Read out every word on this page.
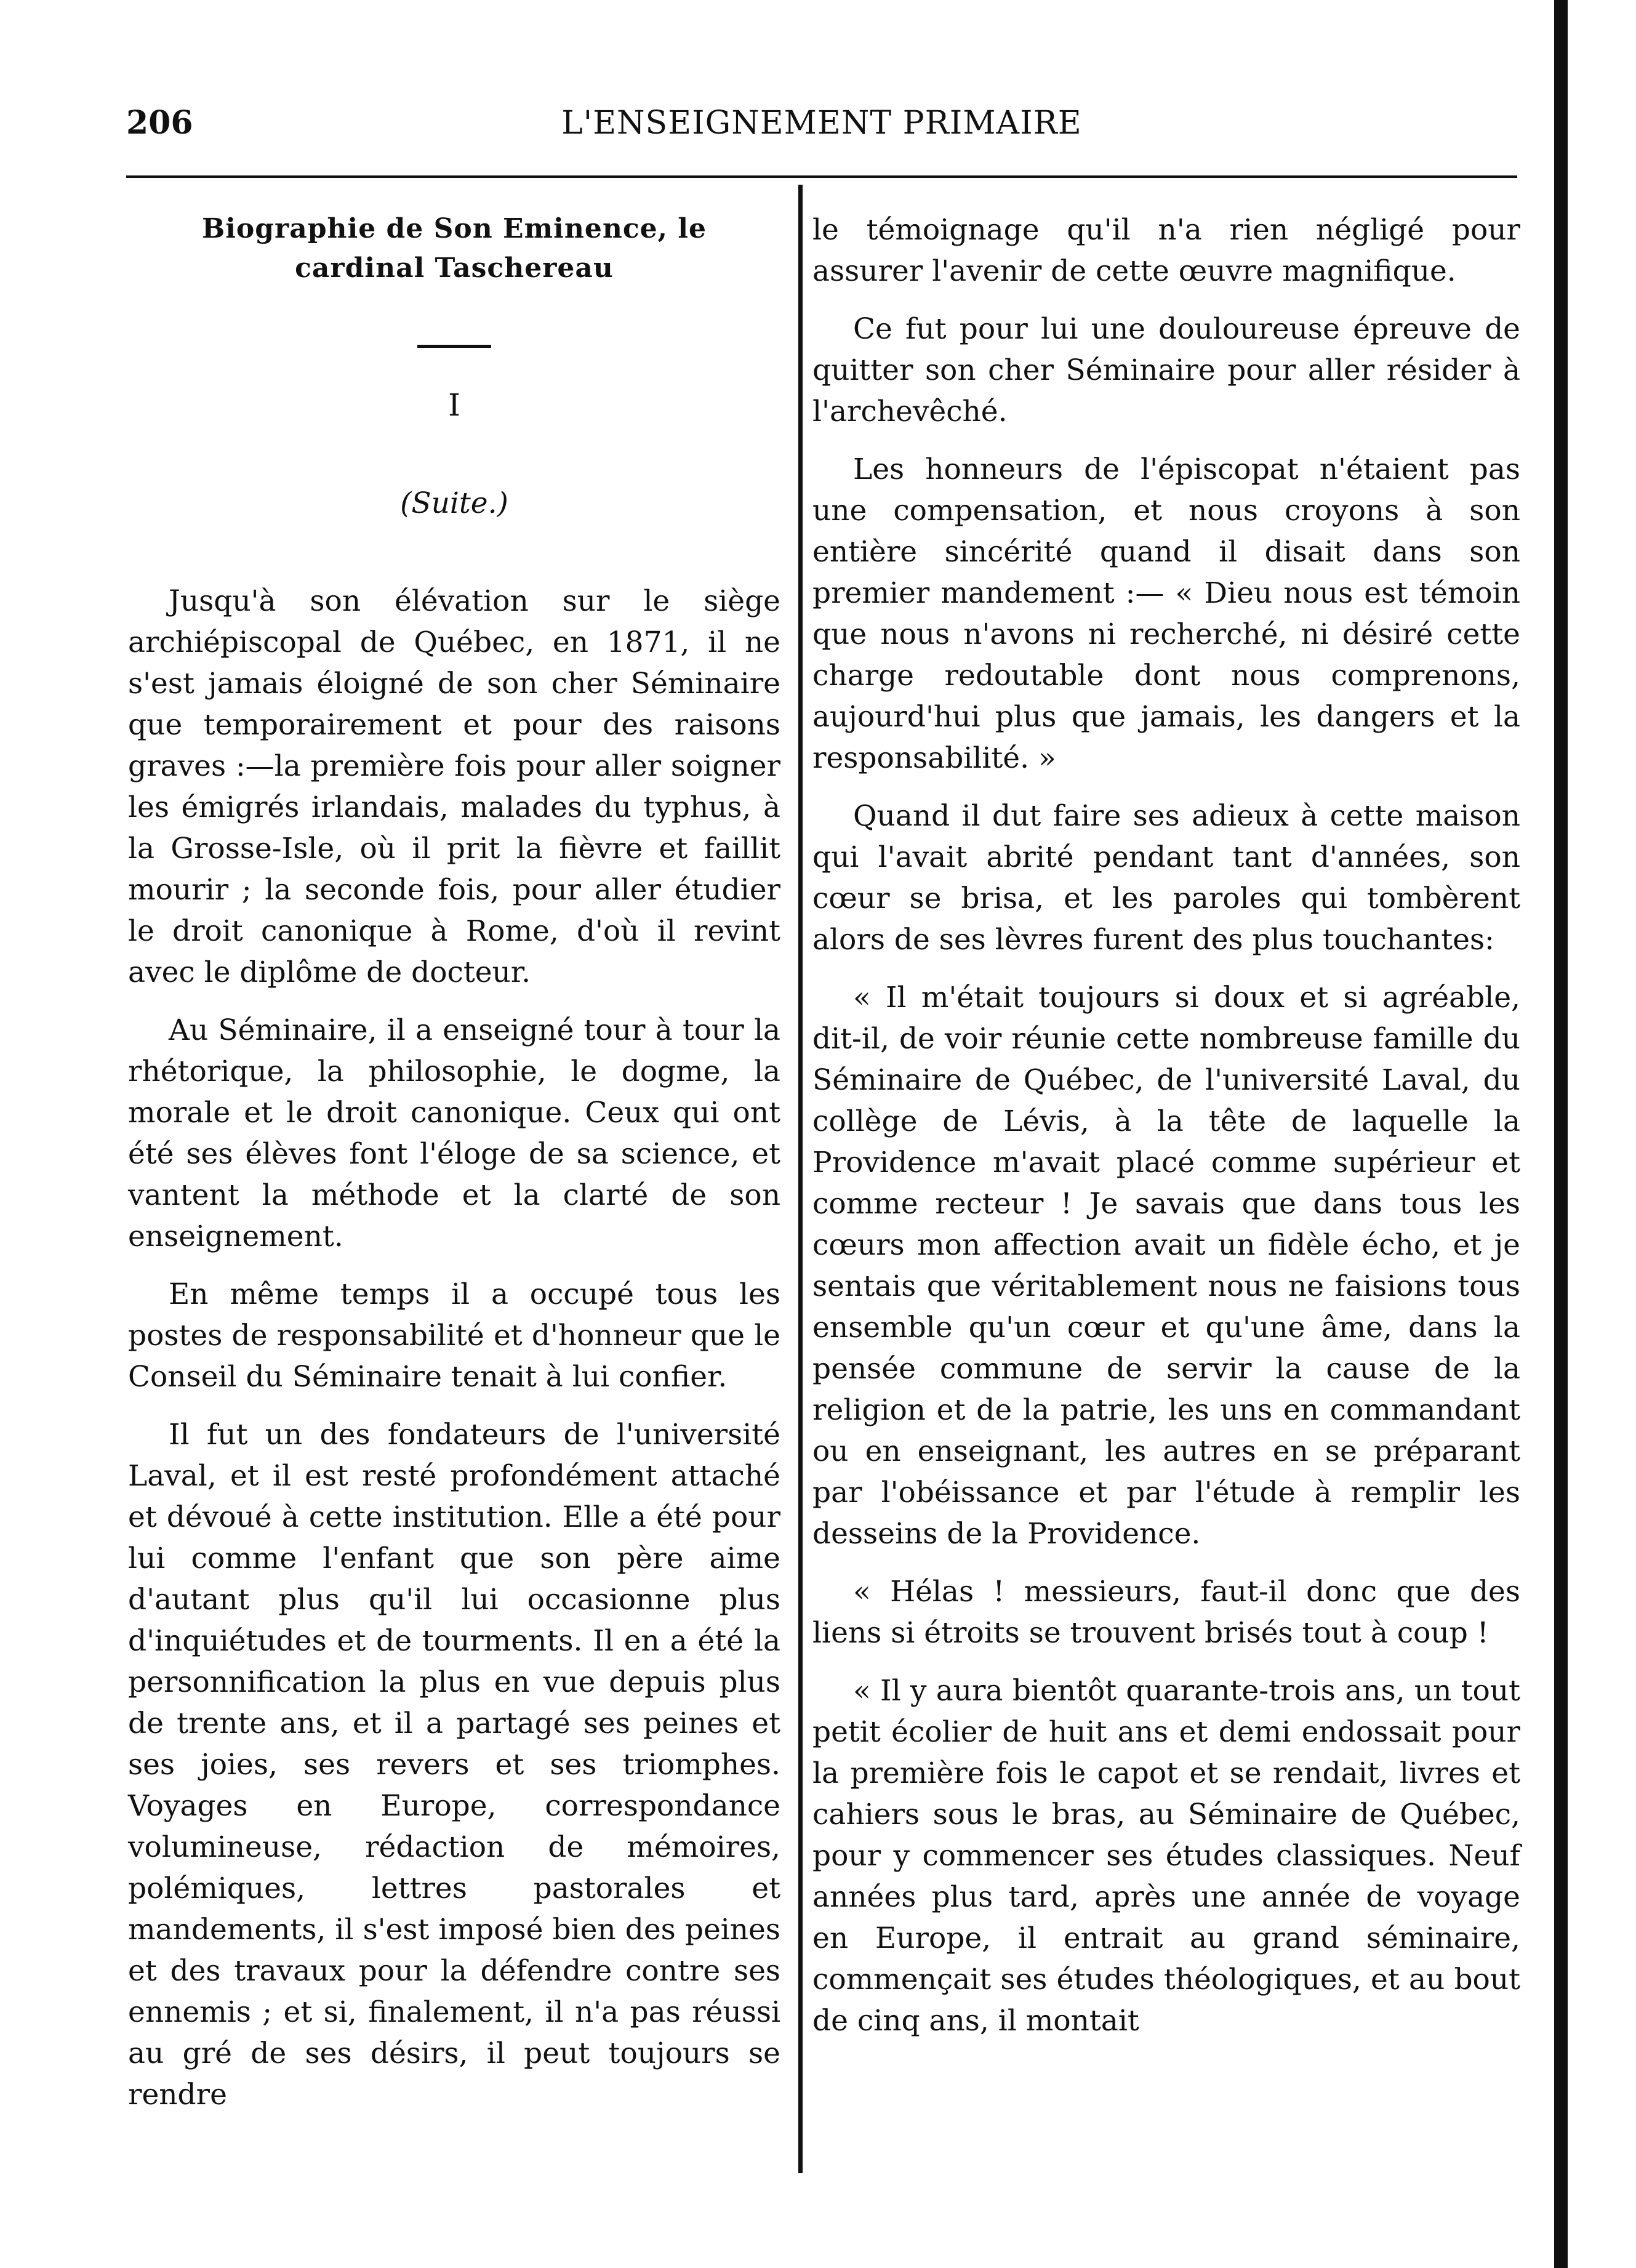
206	L'ENSEIGNEMENT PRIMAIRE
Biographie de Son Eminence, le cardinal Taschereau
I
(Suite.)

Jusqu'à son élévation sur le siège archiépiscopal de Québec, en 1871, il ne s'est jamais éloigné de son cher Séminaire que temporairement et pour des raisons graves :—la première fois pour aller soigner les émigrés irlandais, malades du typhus, à la Grosse-Isle, où il prit la fièvre et faillit mourir ; la seconde fois, pour aller étudier le droit canonique à Rome, d'où il revint avec le diplôme de docteur.

Au Séminaire, il a enseigné tour à tour la rhétorique, la philosophie, le dogme, la morale et le droit canonique. Ceux qui ont été ses élèves font l'éloge de sa science, et vantent la méthode et la clarté de son enseignement.

En même temps il a occupé tous les postes de responsabilité et d'honneur que le Conseil du Séminaire tenait à lui confier.

Il fut un des fondateurs de l'université Laval, et il est resté profondément attaché et dévoué à cette institution. Elle a été pour lui comme l'enfant que son père aime d'autant plus qu'il lui occasionne plus d'inquiétudes et de tourments. Il en a été la personnification la plus en vue depuis plus de trente ans, et il a partagé ses peines et ses joies, ses revers et ses triomphes. Voyages en Europe, correspondance volumineuse, rédaction de mémoires, polémiques, lettres pastorales et mandements, il s'est imposé bien des peines et des travaux pour la défendre contre ses ennemis ; et si, finalement, il n'a pas réussi au gré de ses désirs, il peut toujours se rendre

le témoignage qu'il n'a rien négligé pour assurer l'avenir de cette œuvre magnifique.

Ce fut pour lui une douloureuse épreuve de quitter son cher Séminaire pour aller résider à l'archevêché.

Les honneurs de l'épiscopat n'étaient pas une compensation, et nous croyons à son entière sincérité quand il disait dans son premier mandement :— « Dieu nous est témoin que nous n'avons ni recherché, ni désiré cette charge redoutable dont nous comprenons, aujourd'hui plus que jamais, les dangers et la responsabilité. »

Quand il dut faire ses adieux à cette maison qui l'avait abrité pendant tant d'années, son cœur se brisa, et les paroles qui tombèrent alors de ses lèvres furent des plus touchantes:

« Il m'était toujours si doux et si agréable, dit-il, de voir réunie cette nombreuse famille du Séminaire de Québec, de l'université Laval, du collège de Lévis, à la tête de laquelle la Providence m'avait placé comme supérieur et comme recteur ! Je savais que dans tous les cœurs mon affection avait un fidèle écho, et je sentais que véritablement nous ne faisions tous ensemble qu'un cœur et qu'une âme, dans la pensée commune de servir la cause de la religion et de la patrie, les uns en commandant ou en enseignant, les autres en se préparant par l'obéissance et par l'étude à remplir les desseins de la Providence.

« Hélas ! messieurs, faut-il donc que des liens si étroits se trouvent brisés tout à coup !

« Il y aura bientôt quarante-trois ans, un tout petit écolier de huit ans et demi endossait pour la première fois le capot et se rendait, livres et cahiers sous le bras, au Séminaire de Québec, pour y commencer ses études classiques. Neuf années plus tard, après une année de voyage en Europe, il entrait au grand séminaire, commençait ses études théologiques, et au bout de cinq ans, il montait
